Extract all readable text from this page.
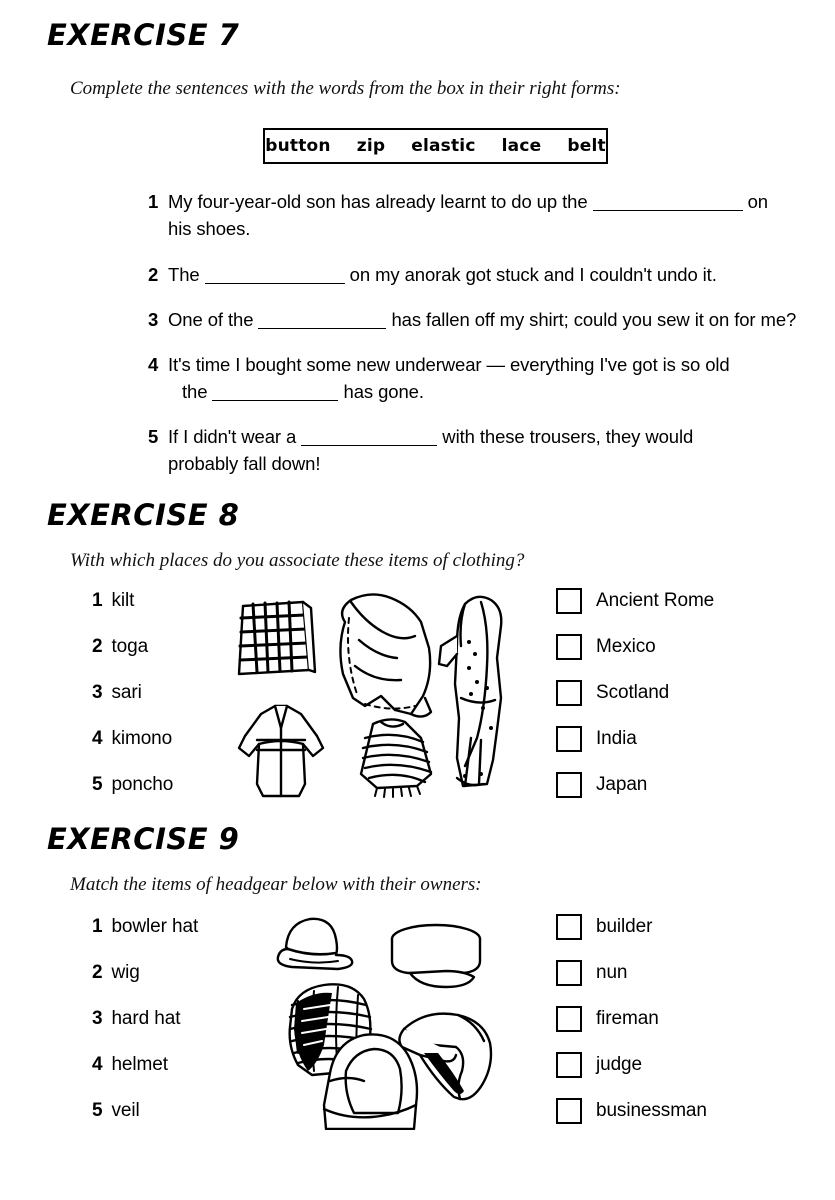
EXERCISE 7
Complete the sentences with the words from the box in their right forms:
button zip elastic lace belt
1 My four-year-old son has already learnt to do up the	on
his shoes.
2 The	on my anorak got stuck and I couldn't undo it.
3 One of the	has fallen off my shirt; could you sew it on for me?
4 It's time I bought some new underwear — everything I've got is so old
the	has gone.
5 If I didn't wear a	with these trousers, they would
probably fall down!
EXERCISE 8
With which places do you associate these items of clothing?
1 kilt
2 toga
3 sari
4 kimono
5 poncho
Ancient Rome
Mexico
Scotland
India
Japan
EXERCISE 9
Match the items of headgear below with their owners:
1 bowler hat
2 wig
3 hard hat
4 helmet
5 veil
builder
nun
fireman
judge
businessman
